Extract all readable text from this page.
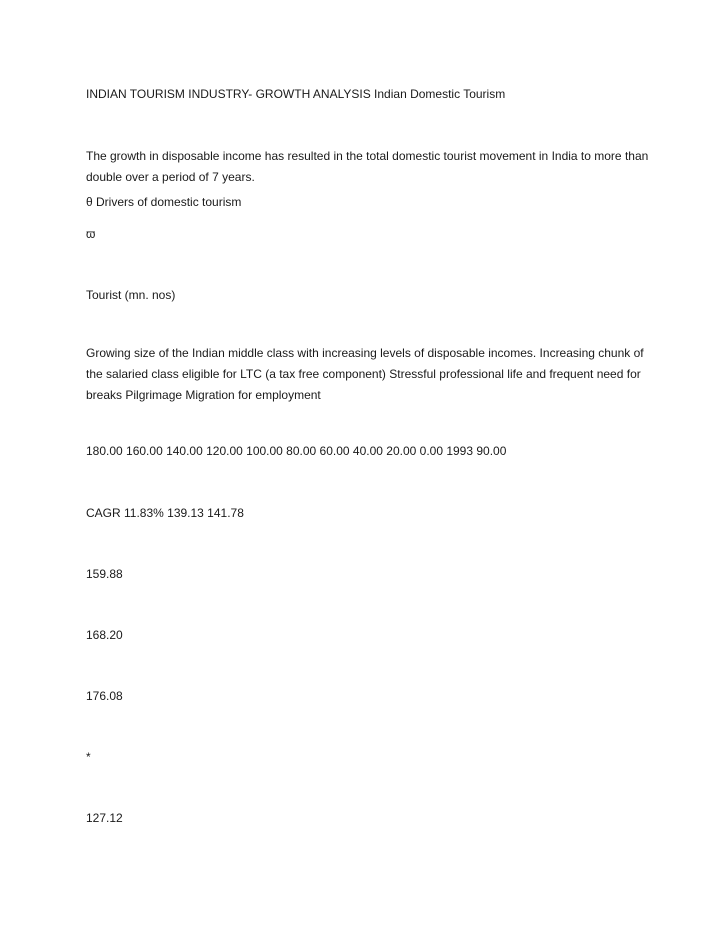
INDIAN TOURISM INDUSTRY- GROWTH ANALYSIS Indian Domestic Tourism

The growth in disposable income has resulted in the total domestic tourist movement in India to more than double over a period of 7 years.

θ Drivers of domestic tourism

ϖ

Tourist (mn. nos)

Growing size of the Indian middle class with increasing levels of disposable incomes. Increasing chunk of the salaried class eligible for LTC (a tax free component) Stressful professional life and frequent need for breaks Pilgrimage Migration for employment

180.00 160.00 140.00 120.00 100.00 80.00 60.00 40.00 20.00 0.00 1993 90.00

CAGR 11.83% 139.13 141.78

159.88

168.20

176.08

*

127.12
